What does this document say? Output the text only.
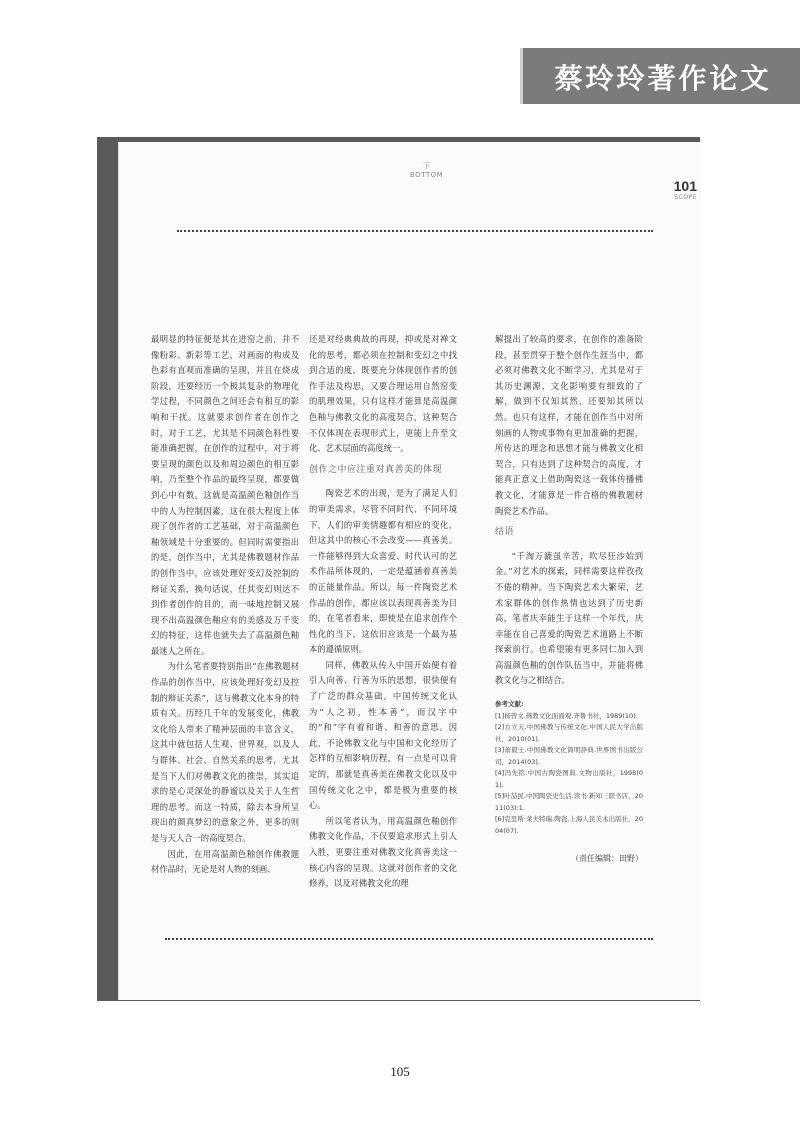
蔡玲玲著作论文
下
BOTTOM
101
SCOPE

最明显的特征便是其在进窑之前，并不像粉彩、新彩等工艺，对画面的构成及色彩有直观而准确的呈现，并且在烧成阶段，还要经历一个极其复杂的物理化学过程，不同颜色之间还会有相互的影响和干扰。这就要求创作者在创作之时，对于工艺，尤其是不同颜色料性要能准确把握，在创作的过程中，对于将要呈现的颜色以及和周边颜色的相互影响，乃至整个作品的最终呈现，都要做到心中有数。这就是高温颜色釉创作当中的人为控制因素，这在很大程度上体现了创作者的工艺基础，对于高温颜色釉领域是十分重要的。但同时需要指出的是，创作当中，尤其是佛教题材作品的创作当中，应该处理好变幻及控制的辩证关系，换句话说，任其变幻则达不到作者创作的目的，而一味地控制又展现不出高温颜色釉应有的美感及万千变幻的特征，这样也就失去了高温颜色釉最迷人之所在。

为什么笔者要特别指出“在佛教题材作品的创作当中，应该处理好变幻及控制的辩证关系”，这与佛教文化本身的特质有关。历经几千年的发展变化，佛教文化给人带来了精神层面的丰富含义，这其中就包括人生观、世界观，以及人与群体、社会、自然关系的思考，尤其是当下人们对佛教文化的推崇，其实追求的是心灵深处的静谧以及关于人生哲理的思考。而这一特质，除去本身所呈现出的颜真梦幻的意象之外，更多的则是与天人合一的高度契合。

因此，在用高温颜色釉创作佛教题材作品时，无论是对人物的刻画、

还是对经典典故的再现，抑或是对禅文化的思考，都必须在控制和变幻之中找到合适的度，既要充分体现创作者的创作手法及构思，又要合理运用自然窑变的肌理效果，只有这样才能算是高温颜色釉与佛教文化的高度契合，这种契合不仅体现在表现形式上，更能上升至文化、艺术层面的高度统一。

创作之中应注重对真善美的体现

陶瓷艺术的出现，是为了满足人们的审美需求，尽管不同时代、不同环境下，人们的审美情趣都有相应的变化，但这其中的核心不会改变——真善美。一件能够得到大众喜爱、时代认可的艺术作品所体现的，一定是蕴涵着真善美的正能量作品。所以，每一件陶瓷艺术作品的创作，都应该以表现真善美为目的，在笔者看来，即使是在追求创作个性化的当下，这依旧应该是一个最为基本的遵循原则。

同样，佛教从传入中国开始便有着引人向善、行善为乐的思想，很快便有了广泛的群众基础。中国传统文化认为“人之初，性本善”，而汉字中的“和”字有着和谐、和善的意思。因此，不论佛教文化与中国和文化经历了怎样的互相影响历程，有一点是可以肯定的，那就是真善美在佛教文化以及中国传统文化之中，都是极为重要的核心。

所以笔者认为，用高温颜色釉创作佛教文化作品，不仅要追求形式上引人入胜，更要注重对佛教文化真善美这一核心内容的呈现。这就对创作者的文化修养，以及对佛教文化的理

解提出了较高的要求，在创作的准备阶段，甚至贯穿于整个创作生涯当中，都必须对佛教文化不断学习，尤其是对于其历史渊源、文化影响要有细致的了解，做到不仅知其然，还要知其所以然。也只有这样，才能在创作当中对所刻画的人物或事物有更加准确的把握，所传达的理念和思想才能与佛教文化相契合，只有达到了这种契合的高度，才能真正意义上借助陶瓷这一载体传播佛教文化，才能算是一件合格的佛教题材陶瓷艺术作品。

结语

“千淘万漉虽辛苦，吹尽狂沙始到金。”对艺术的探索，同样需要这样孜孜不倦的精神。当下陶瓷艺术大繁荣，艺术家群体的创作热情也达到了历史新高，笔者庆幸能生于这样一个年代，庆幸能在自己喜爱的陶瓷艺术道路上不断探索前行。也希望能有更多同仁加入到高温颜色釉的创作队伍当中，并能将佛教文化与之相结合。

参考文献:
[1]杨曾文.佛教文化面面观.齐鲁书社，1989(10).
[2]方立天.中国佛教与传统文化.中国人民大学出版社，2010(01).
[3]萧毅士.中国佛教文化简明辞典.世界图书出版公司，2014(03).
[4]冯先铭.中国古陶瓷图典.文物出版社，1998(01).
[5]叶喆民.中国陶瓷史生活.读书·新知三联书店，2011(03):1.
[6]克里斯·莱夫特瑞.陶瓷.上海人民美术出版社，2004(07).
（责任编辑：田野）
105
